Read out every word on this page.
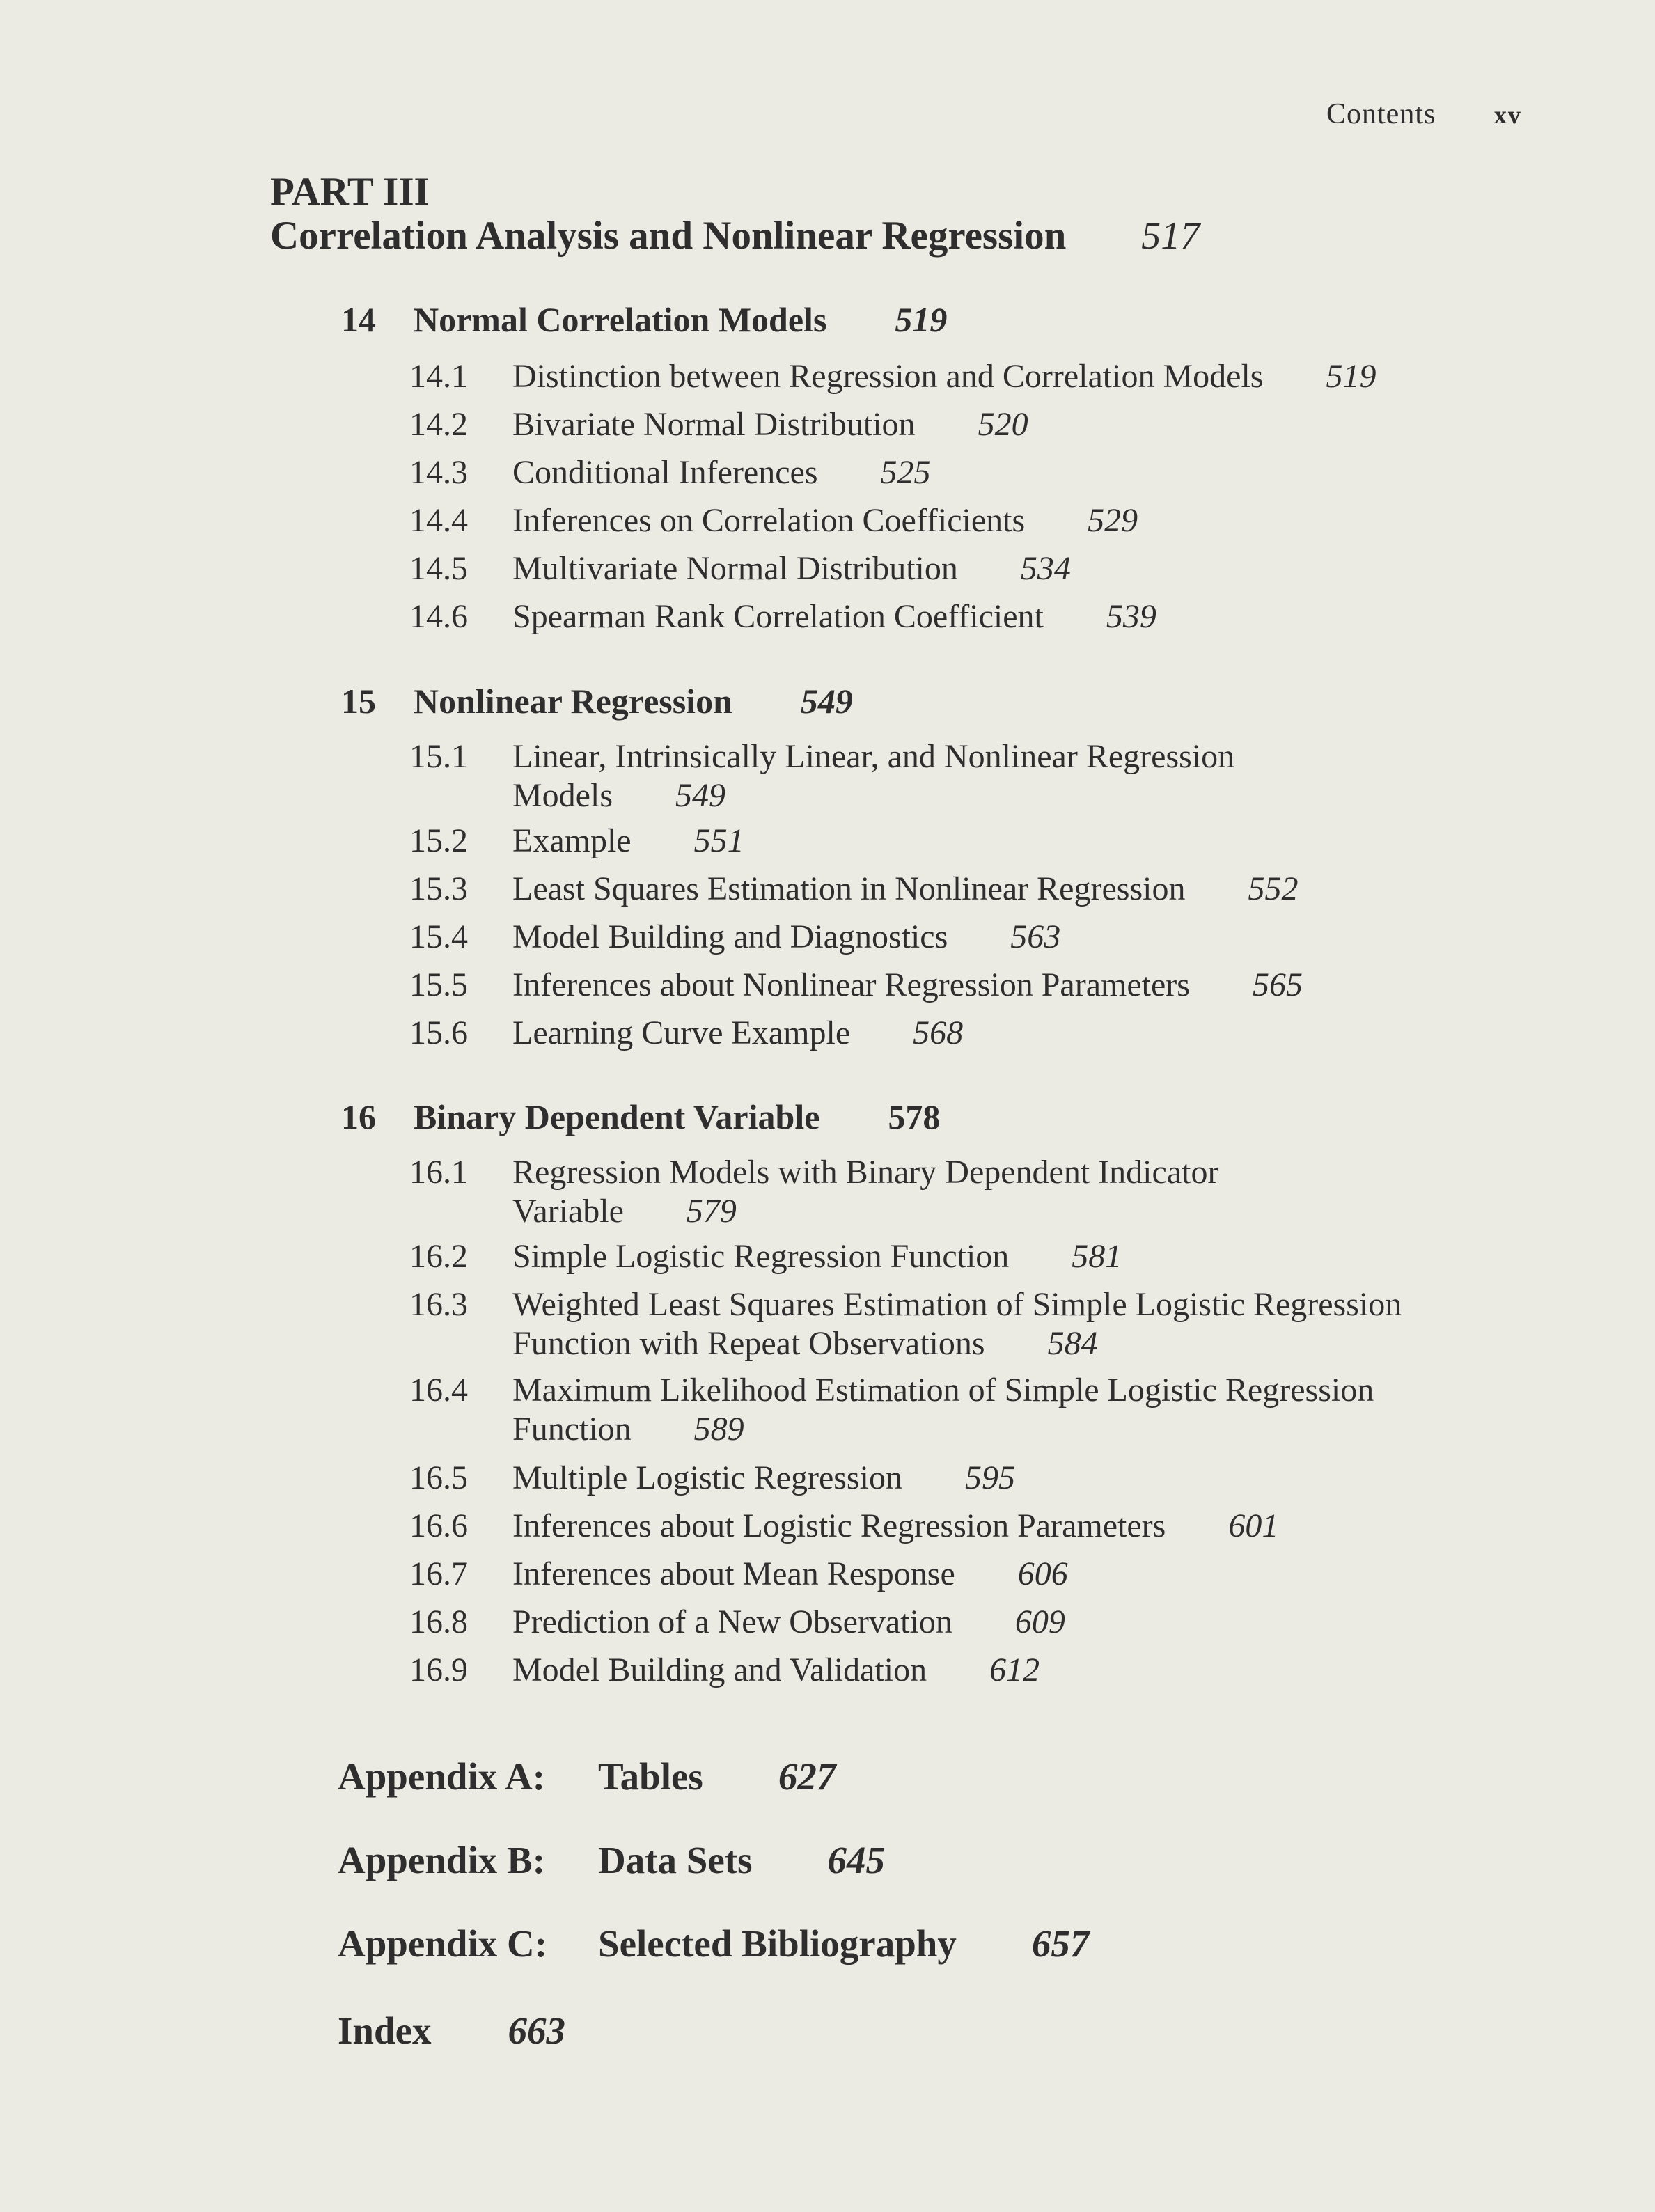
Contents xv
PART III
Correlation Analysis and Nonlinear Regression 517
14 Normal Correlation Models 519
14.1 Distinction between Regression and Correlation Models 519
14.2 Bivariate Normal Distribution 520
14.3 Conditional Inferences 525
14.4 Inferences on Correlation Coefficients 529
14.5 Multivariate Normal Distribution 534
14.6 Spearman Rank Correlation Coefficient 539
15 Nonlinear Regression 549
15.1 Linear, Intrinsically Linear, and Nonlinear Regression
Models 549
15.2 Example 551
15.3 Least Squares Estimation in Nonlinear Regression 552
15.4 Model Building and Diagnostics 563
15.5 Inferences about Nonlinear Regression Parameters 565
15.6 Learning Curve Example 568
16 Binary Dependent Variable 578
16.1 Regression Models with Binary Dependent Indicator
Variable 579
16.2 Simple Logistic Regression Function 581
16.3 Weighted Least Squares Estimation of Simple Logistic Regression
Function with Repeat Observations 584
16.4 Maximum Likelihood Estimation of Simple Logistic Regression
Function 589
16.5 Multiple Logistic Regression 595
16.6 Inferences about Logistic Regression Parameters 601
16.7 Inferences about Mean Response 606
16.8 Prediction of a New Observation 609
16.9 Model Building and Validation 612
Appendix A: Tables 627
Appendix B: Data Sets 645
Appendix C: Selected Bibliography 657
Index 663
